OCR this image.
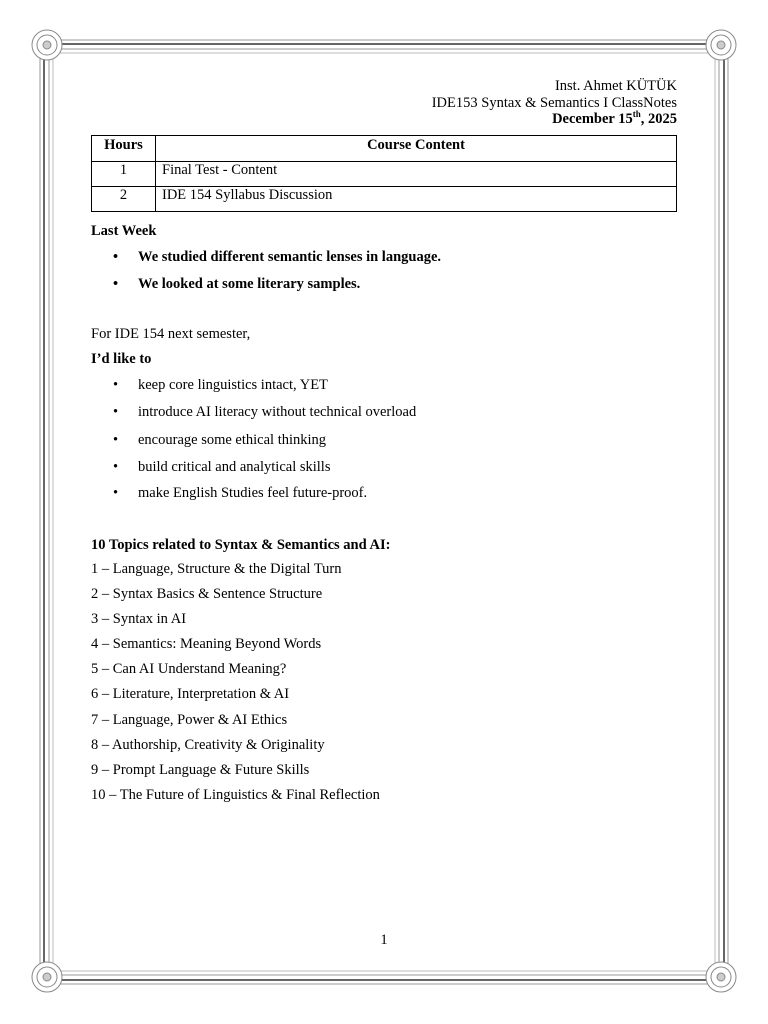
Inst. Ahmet KÜTÜK
IDE153 Syntax & Semantics I ClassNotes
December 15th, 2025
Hours	Course Content
1	Final Test - Content
2	IDE 154 Syllabus Discussion
Last Week
• We studied different semantic lenses in language.
• We looked at some literary samples.
For IDE 154 next semester,
I’d like to
• keep core linguistics intact, YET
• introduce AI literacy without technical overload
• encourage some ethical thinking
• build critical and analytical skills
• make English Studies feel future-proof.
10 Topics related to Syntax & Semantics and AI:
1 – Language, Structure & the Digital Turn
2 – Syntax Basics & Sentence Structure
3 – Syntax in AI
4 – Semantics: Meaning Beyond Words
5 – Can AI Understand Meaning?
6 – Literature, Interpretation & AI
7 – Language, Power & AI Ethics
8 – Authorship, Creativity & Originality
9 – Prompt Language & Future Skills
10 – The Future of Linguistics & Final Reflection
1
